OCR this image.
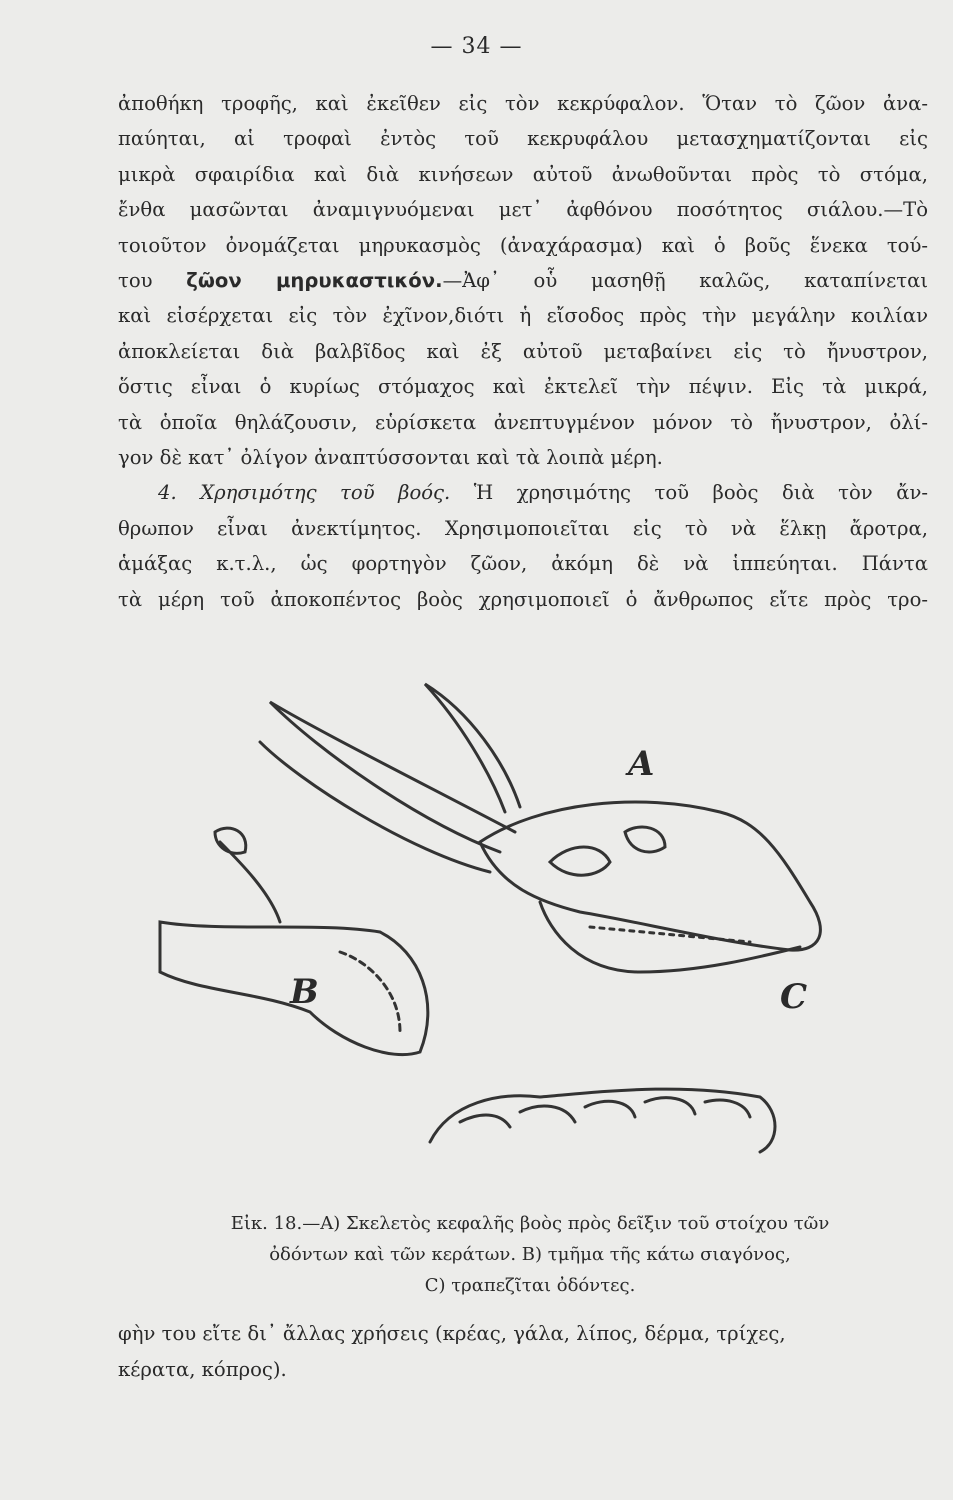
— 34 —
ἀποθήκη τροφῆς, καὶ ἐκεῖθεν εἰς τὸν κεκρύφαλον. Ὅταν τὸ ζῶον ἀνα-
παύηται, αἱ τροφαὶ ἐντὸς τοῦ κεκρυφάλου μετασχηματίζονται εἰς
μικρὰ σφαιρίδια καὶ διὰ κινήσεων αὐτοῦ ἀνωθοῦνται πρὸς τὸ στόμα,
ἔνθα μασῶνται ἀναμιγνυόμεναι μετ᾽ ἀφθόνου ποσότητος σιάλου.—Τὸ
τοιοῦτον ὀνομάζεται μηρυκασμὸς (ἀναχάρασμα) καὶ ὁ βοῦς ἕνεκα τού-
του ζῶον μηρυκαστικόν.—Ἀφ᾽ οὗ μασηθῇ καλῶς, καταπίνεται
καὶ εἰσέρχεται εἰς τὸν ἐχῖνον,διότι ἡ εἴσοδος πρὸς τὴν μεγάλην κοιλίαν
ἀποκλείεται διὰ βαλβῖδος καὶ ἐξ αὐτοῦ μεταβαίνει εἰς τὸ ἤνυστρον,
ὅστις εἶναι ὁ κυρίως στόμαχος καὶ ἐκτελεῖ τὴν πέψιν. Εἰς τὰ μικρά,
τὰ ὁποῖα θηλάζουσιν, εὑρίσκετα ἀνεπτυγμένον μόνον τὸ ἤνυστρον, ὀλί-
γον δὲ κατ᾽ ὀλίγον ἀναπτύσσονται καὶ τὰ λοιπὰ μέρη.
4. Χρησιμότης τοῦ βοός. Ἡ χρησιμότης τοῦ βοὸς διὰ τὸν ἄν-
θρωπον εἶναι ἀνεκτίμητος. Χρησιμοποιεῖται εἰς τὸ νὰ ἕλκῃ ἄροτρα,
ἁμάξας κ.τ.λ., ὡς φορτηγὸν ζῶον, ἀκόμη δὲ νὰ ἱππεύηται. Πάντα
τὰ μέρη τοῦ ἀποκοπέντος βοὸς χρησιμοποιεῖ ὁ ἄνθρωπος εἴτε πρὸς τρο-
A
B	C
Εἰκ. 18.—A) Σκελετὸς κεφαλῆς βοὸς πρὸς δεῖξιν τοῦ στοίχου τῶν
ὀδόντων καὶ τῶν κεράτων. B) τμῆμα τῆς κάτω σιαγόνος,
C) τραπεζῖται ὀδόντες.
φὴν του εἴτε δι᾽ ἄλλας χρήσεις (κρέας, γάλα, λίπος, δέρμα, τρίχες,
κέρατα, κόπρος).
